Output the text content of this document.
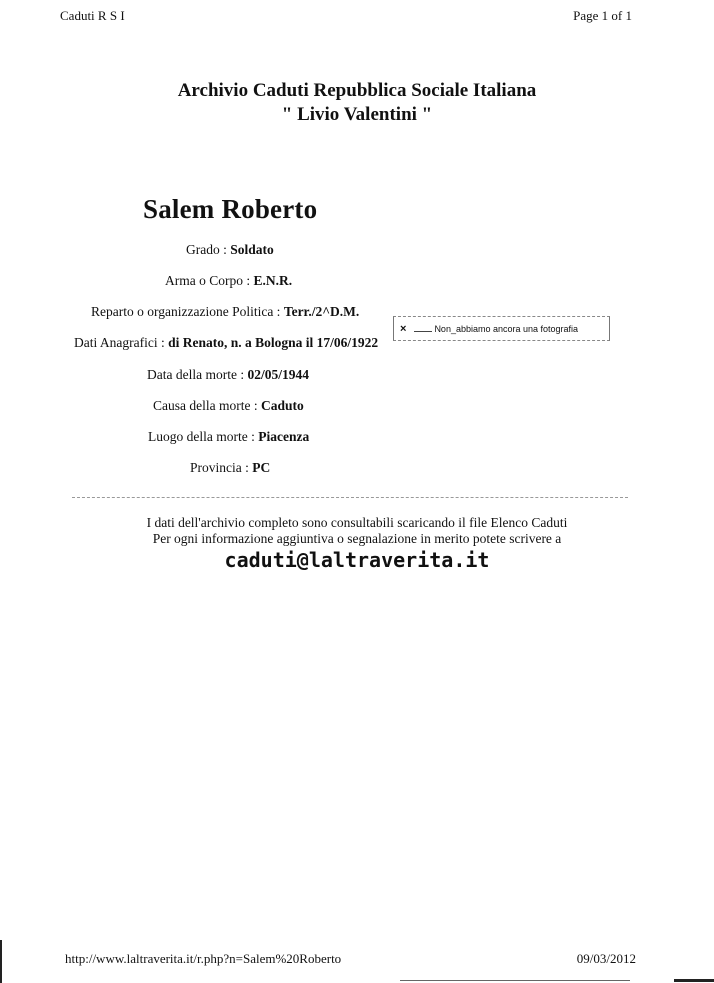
Caduti R S I	Page 1 of 1
Archivio Caduti Repubblica Sociale Italiana
" Livio Valentini "
Salem Roberto
Grado : Soldato
Arma o Corpo : E.N.R.
Reparto o organizzazione Politica : Terr./2^D.M.
Dati Anagrafici : di Renato, n. a Bologna il 17/06/1922
Data della morte : 02/05/1944
Causa della morte : Caduto
Luogo della morte : Piacenza
Provincia : PC
×	Non_abbiamo ancora una fotografia
I dati dell'archivio completo sono consultabili scaricando il file Elenco Caduti
Per ogni informazione aggiuntiva o segnalazione in merito potete scrivere a
caduti@laltraverita.it
http://www.laltraverita.it/r.php?n=Salem%20Roberto	09/03/2012
